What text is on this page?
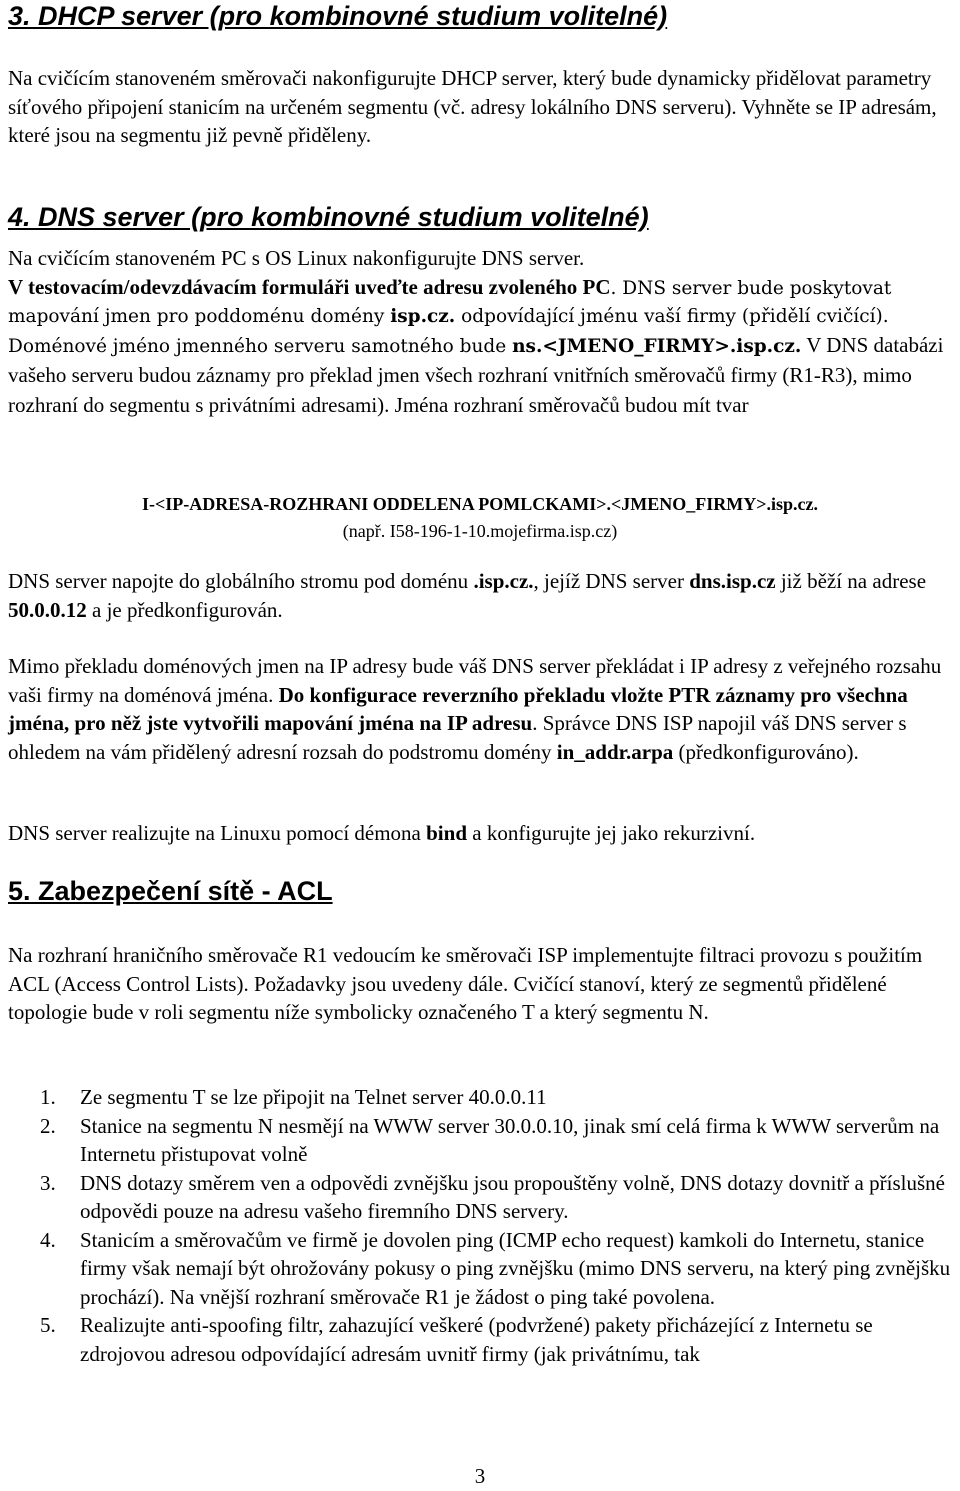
3. DHCP server (pro kombinovné studium volitelné)

Na cvičícím stanoveném směrovači nakonfigurujte DHCP server, který bude dynamicky přidělovat parametry síťového připojení stanicím na určeném segmentu (vč. adresy lokálního DNS serveru). Vyhněte se IP adresám, které jsou na segmentu již pevně přiděleny.

4. DNS server (pro kombinovné studium volitelné)
Na cvičícím stanoveném PC s OS Linux nakonfigurujte DNS server.
V testovacím/odevzdávacím formuláři uveďte adresu zvoleného PC. DNS server bude poskytovat mapování jmen pro poddoménu domény isp.cz. odpovídající jménu vaší firmy (přidělí cvičící). Doménové jméno jmenného serveru samotného bude ns.<JMENO_FIRMY>.isp.cz. V DNS databázi vašeho serveru budou záznamy pro překlad jmen všech rozhraní vnitřních směrovačů firmy (R1-R3), mimo rozhraní do segmentu s privátními adresami). Jména rozhraní směrovačů budou mít tvar

I-<IP-ADRESA-ROZHRANI ODDELENA POMLCKAMI>.<JMENO_FIRMY>.isp.cz.

(např. I58-196-1-10.mojefirma.isp.cz)

DNS server napojte do globálního stromu pod doménu .isp.cz., jejíž DNS server dns.isp.cz již běží na adrese 50.0.0.12 a je předkonfigurován.

Mimo překladu doménových jmen na IP adresy bude váš DNS server překládat i IP adresy z veřejného rozsahu vaši firmy na doménová jména. Do konfigurace reverzního překladu vložte PTR záznamy pro všechna jména, pro něž jste vytvořili mapování jména na IP adresu. Správce DNS ISP napojil váš DNS server s ohledem na vám přidělený adresní rozsah do podstromu domény in_addr.arpa (předkonfigurováno).

DNS server realizujte na Linuxu pomocí démona bind a konfigurujte jej jako rekurzivní.

5. Zabezpečení sítě - ACL

Na rozhraní hraničního směrovače R1 vedoucím ke směrovači ISP implementujte filtraci provozu s použitím ACL (Access Control Lists). Požadavky jsou uvedeny dále. Cvičící stanoví, který ze segmentů přidělené topologie bude v roli segmentu níže symbolicky označeného T a který segmentu N.

1. Ze segmentu T se lze připojit na Telnet server 40.0.0.11
2. Stanice na segmentu N nesmějí na WWW server 30.0.0.10, jinak smí celá firma k WWW serverům na Internetu přistupovat volně
3. DNS dotazy směrem ven a odpovědi zvnějšku jsou propouštěny volně, DNS dotazy dovnitř a příslušné odpovědi pouze na adresu vašeho firemního DNS servery.
4. Stanicím a směrovačům ve firmě je dovolen ping (ICMP echo request) kamkoli do Internetu, stanice firmy však nemají být ohrožovány pokusy o ping zvnějšku (mimo DNS serveru, na který ping zvnějšku prochází). Na vnější rozhraní směrovače R1 je žádost o ping také povolena.
5. Realizujte anti-spoofing filtr, zahazující veškeré (podvržené) pakety přicházející z Internetu se zdrojovou adresou odpovídající adresám uvnitř firmy (jak privátnímu, tak
3
